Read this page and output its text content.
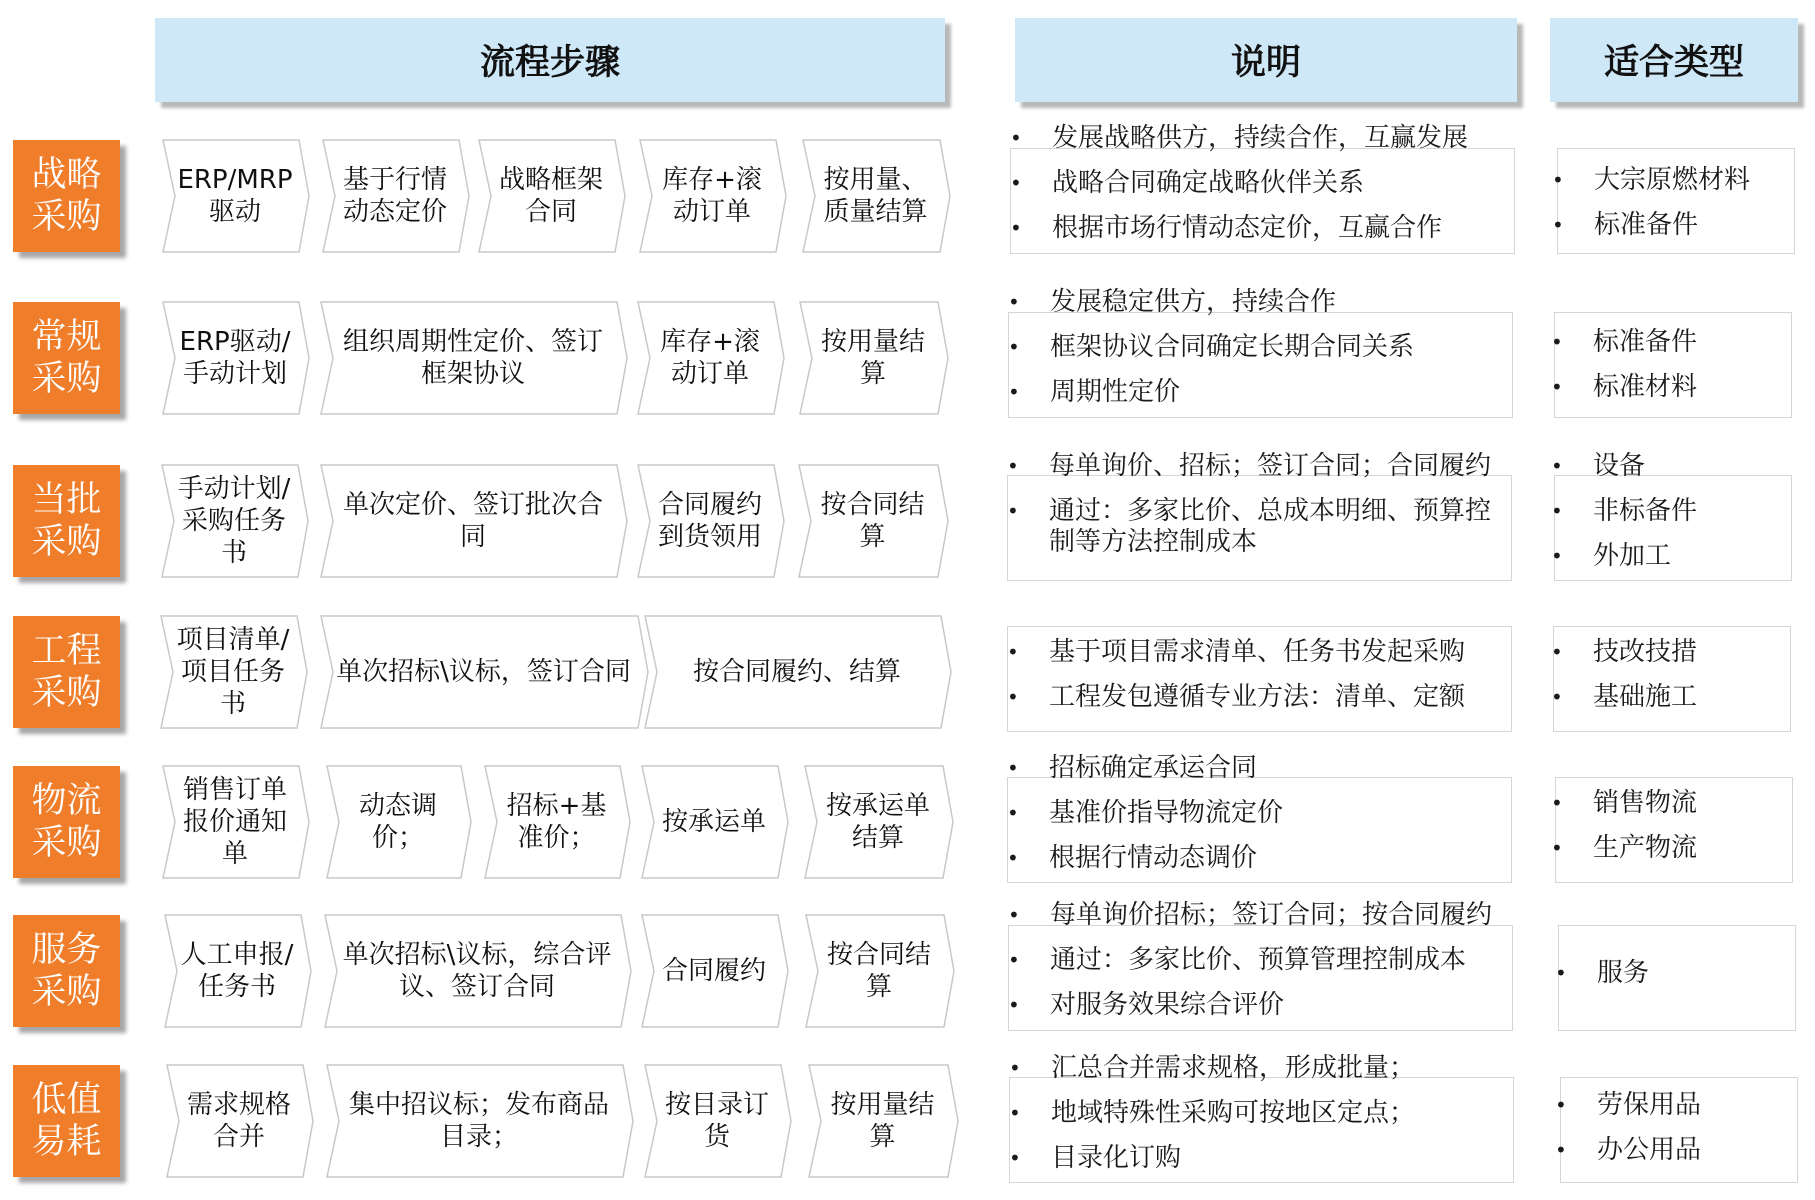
流程步骤	说明	适合类型
战略采购
ERP/MRP驱动
基于行情动态定价
战略框架合同
库存+滚动订单
按用量、质量结算
• 发展战略供方，持续合作，互赢发展
• 战略合同确定战略伙伴关系
• 根据市场行情动态定价，互赢合作
• 大宗原燃材料
• 标准备件
常规采购
ERP驱动/手动计划
组织周期性定价、签订框架协议
库存+滚动订单
按用量结算
• 发展稳定供方，持续合作
• 框架协议合同确定长期合同关系
• 周期性定价
• 标准备件
• 标准材料
当批采购
手动计划/采购任务书
单次定价、签订批次合同
合同履约到货领用
按合同结算
• 每单询价、招标；签订合同；合同履约
• 通过：多家比价、总成本明细、预算控制等方法控制成本
• 设备
• 非标备件
• 外加工
工程采购
项目清单/项目任务书
单次招标\议标，签订合同 按合同履约、结算
• 基于项目需求清单、任务书发起采购
• 工程发包遵循专业方法：清单、定额
• 技改技措
• 基础施工
物流采购
销售订单报价通知单
动态调价；
招标+基准价；
按承运单
按承运单结算
• 招标确定承运合同
• 基准价指导物流定价
• 根据行情动态调价
• 销售物流
• 生产物流
服务采购
人工申报/任务书
单次招标\议标，综合评议、签订合同
合同履约
按合同结算
• 每单询价招标；签订合同；按合同履约
• 通过：多家比价、预算管理控制成本
• 对服务效果综合评价
• 服务
低值易耗
需求规格合并
集中招议标；发布商品目录；
按目录订货
按用量结算
• 汇总合并需求规格，形成批量；
• 地域特殊性采购可按地区定点；
• 目录化订购
• 劳保用品
• 办公用品
